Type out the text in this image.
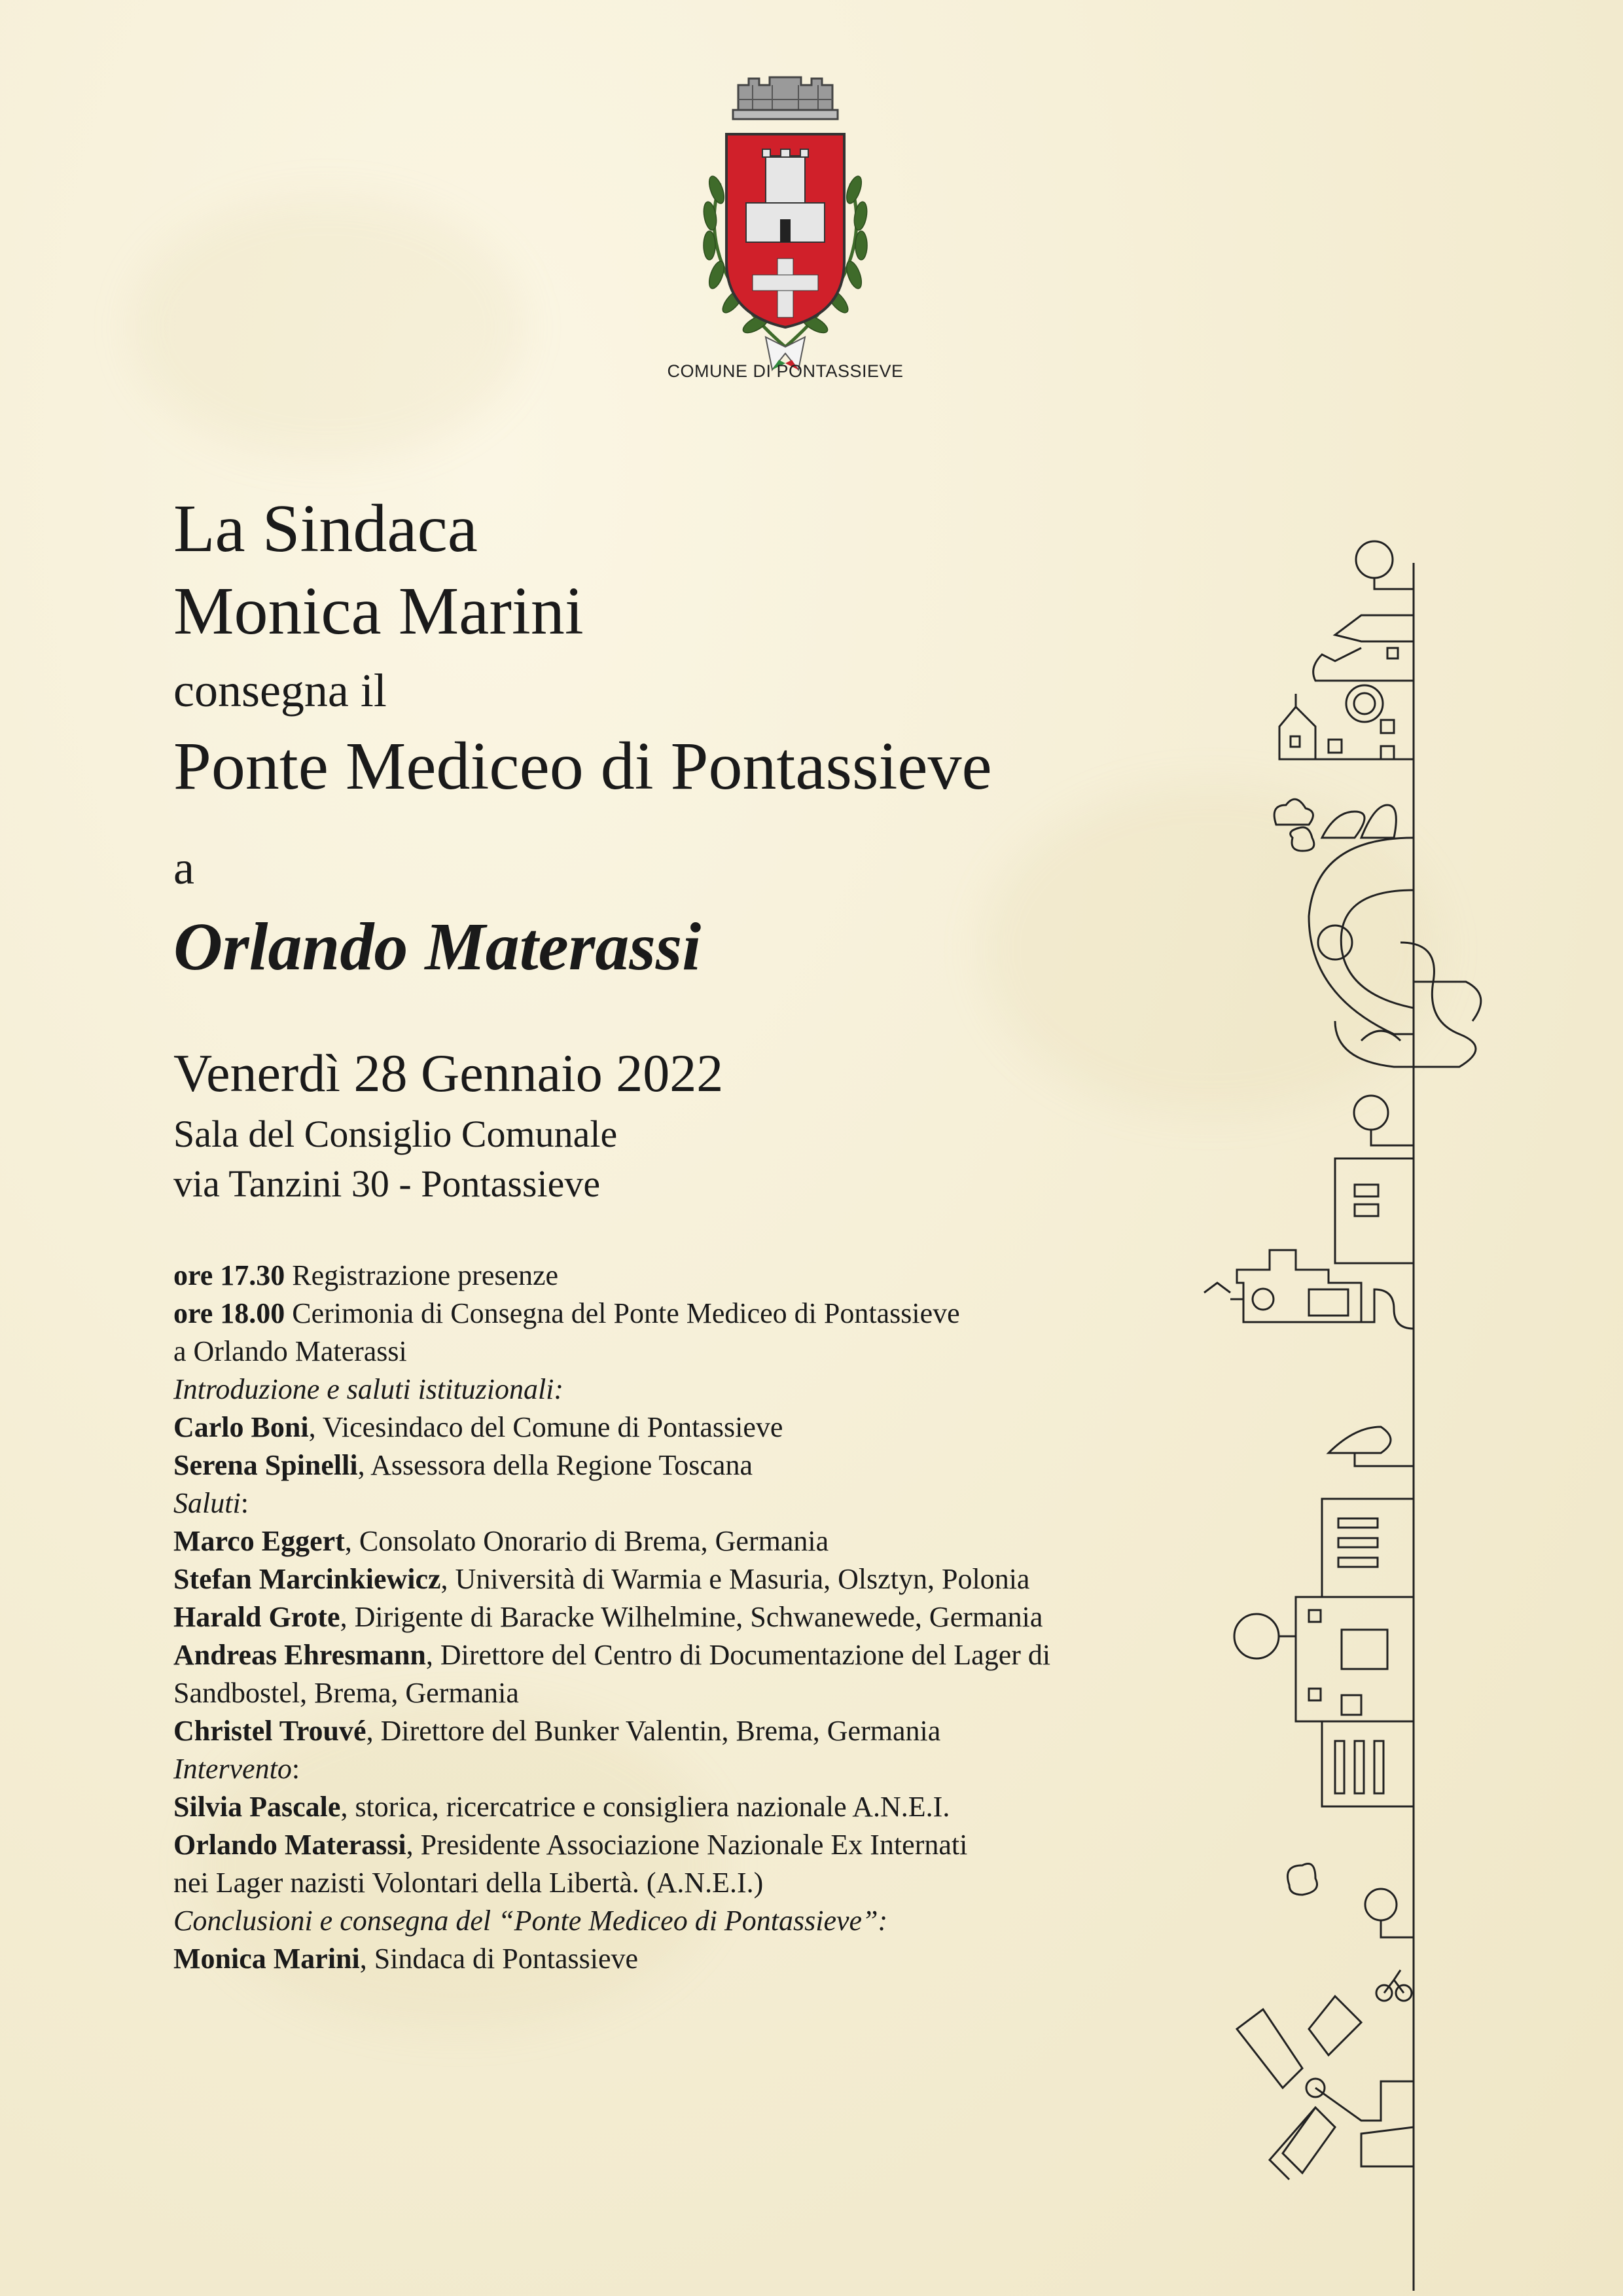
COMUNE DI PONTASSIEVE
La Sindaca
Monica Marini
consegna il
Ponte Mediceo di Pontassieve
a
Orlando Materassi
Venerdì 28 Gennaio 2022
Sala del Consiglio Comunale
via Tanzini 30 - Pontassieve

ore 17.30 Registrazione presenze

ore 18.00 Cerimonia di Consegna del Ponte Mediceo di Pontassieve

a Orlando Materassi

Introduzione e saluti istituzionali:

Carlo Boni, Vicesindaco del Comune di Pontassieve

Serena Spinelli, Assessora della Regione Toscana

Saluti:

Marco Eggert, Consolato Onorario di Brema, Germania

Stefan Marcinkiewicz, Università di Warmia e Masuria, Olsztyn, Polonia

Harald Grote, Dirigente di Baracke Wilhelmine, Schwanewede, Germania

Andreas Ehresmann, Direttore del Centro di Documentazione del Lager di

Sandbostel, Brema, Germania

Christel Trouvé, Direttore del Bunker Valentin, Brema, Germania

Intervento:

Silvia Pascale, storica, ricercatrice e consigliera nazionale A.N.E.I.

Orlando Materassi, Presidente Associazione Nazionale Ex Internati

nei Lager nazisti Volontari della Libertà. (A.N.E.I.)

Conclusioni e consegna del “Ponte Mediceo di Pontassieve”:

Monica Marini, Sindaca di Pontassieve
